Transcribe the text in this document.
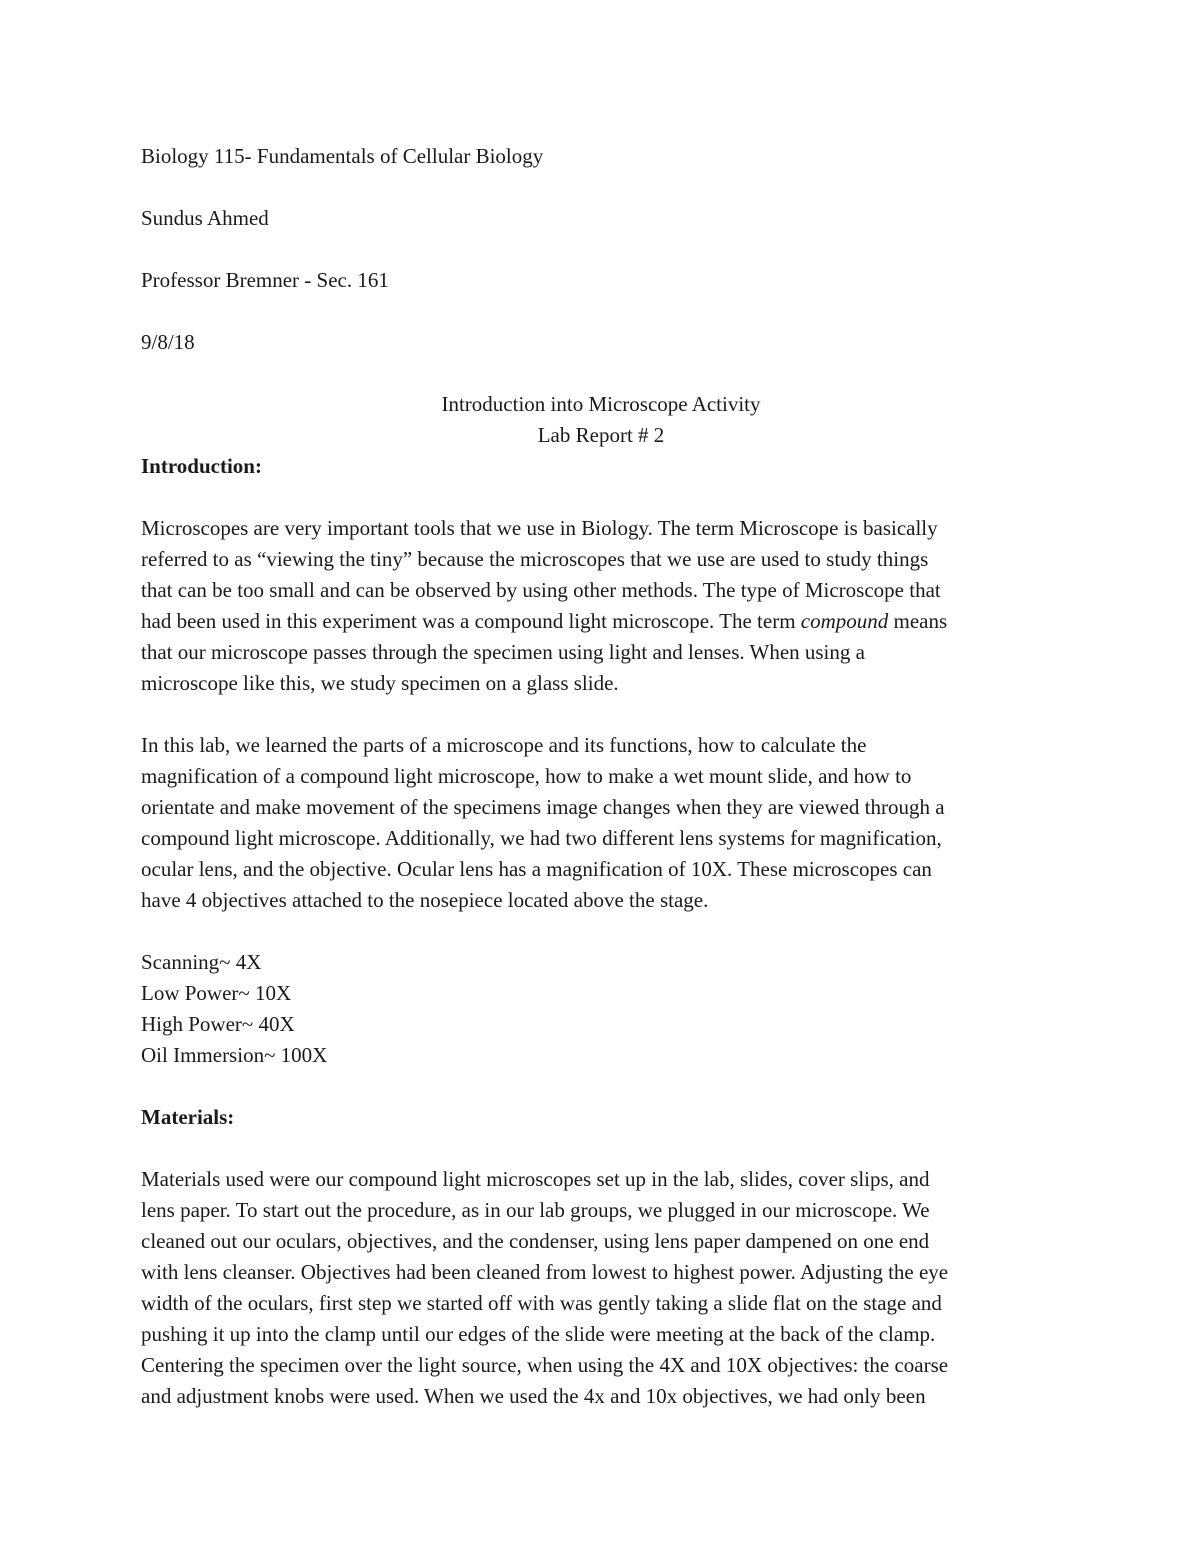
Biology 115- Fundamentals of Cellular Biology
Sundus Ahmed
Professor Bremner - Sec. 161
9/8/18
Introduction into Microscope Activity
Lab Report # 2
Introduction:
Microscopes are very important tools that we use in Biology. The term Microscope is basically
referred to as “viewing the tiny” because the microscopes that we use are used to study things
that can be too small and can be observed by using other methods. The type of Microscope that
had been used in this experiment was a compound light microscope. The term compound means
that our microscope passes through the specimen using light and lenses. When using a
microscope like this, we study specimen on a glass slide.
In this lab, we learned the parts of a microscope and its functions, how to calculate the
magnification of a compound light microscope, how to make a wet mount slide, and how to
orientate and make movement of the specimens image changes when they are viewed through a
compound light microscope. Additionally, we had two different lens systems for magnification,
ocular lens, and the objective. Ocular lens has a magnification of 10X. These microscopes can
have 4 objectives attached to the nosepiece located above the stage.
Scanning~ 4X
Low Power~ 10X
High Power~ 40X
Oil Immersion~ 100X
Materials:
Materials used were our compound light microscopes set up in the lab, slides, cover slips, and
lens paper. To start out the procedure, as in our lab groups, we plugged in our microscope. We
cleaned out our oculars, objectives, and the condenser, using lens paper dampened on one end
with lens cleanser. Objectives had been cleaned from lowest to highest power. Adjusting the eye
width of the oculars, first step we started off with was gently taking a slide flat on the stage and
pushing it up into the clamp until our edges of the slide were meeting at the back of the clamp.
Centering the specimen over the light source, when using the 4X and 10X objectives: the coarse
and adjustment knobs were used. When we used the 4x and 10x objectives, we had only been
